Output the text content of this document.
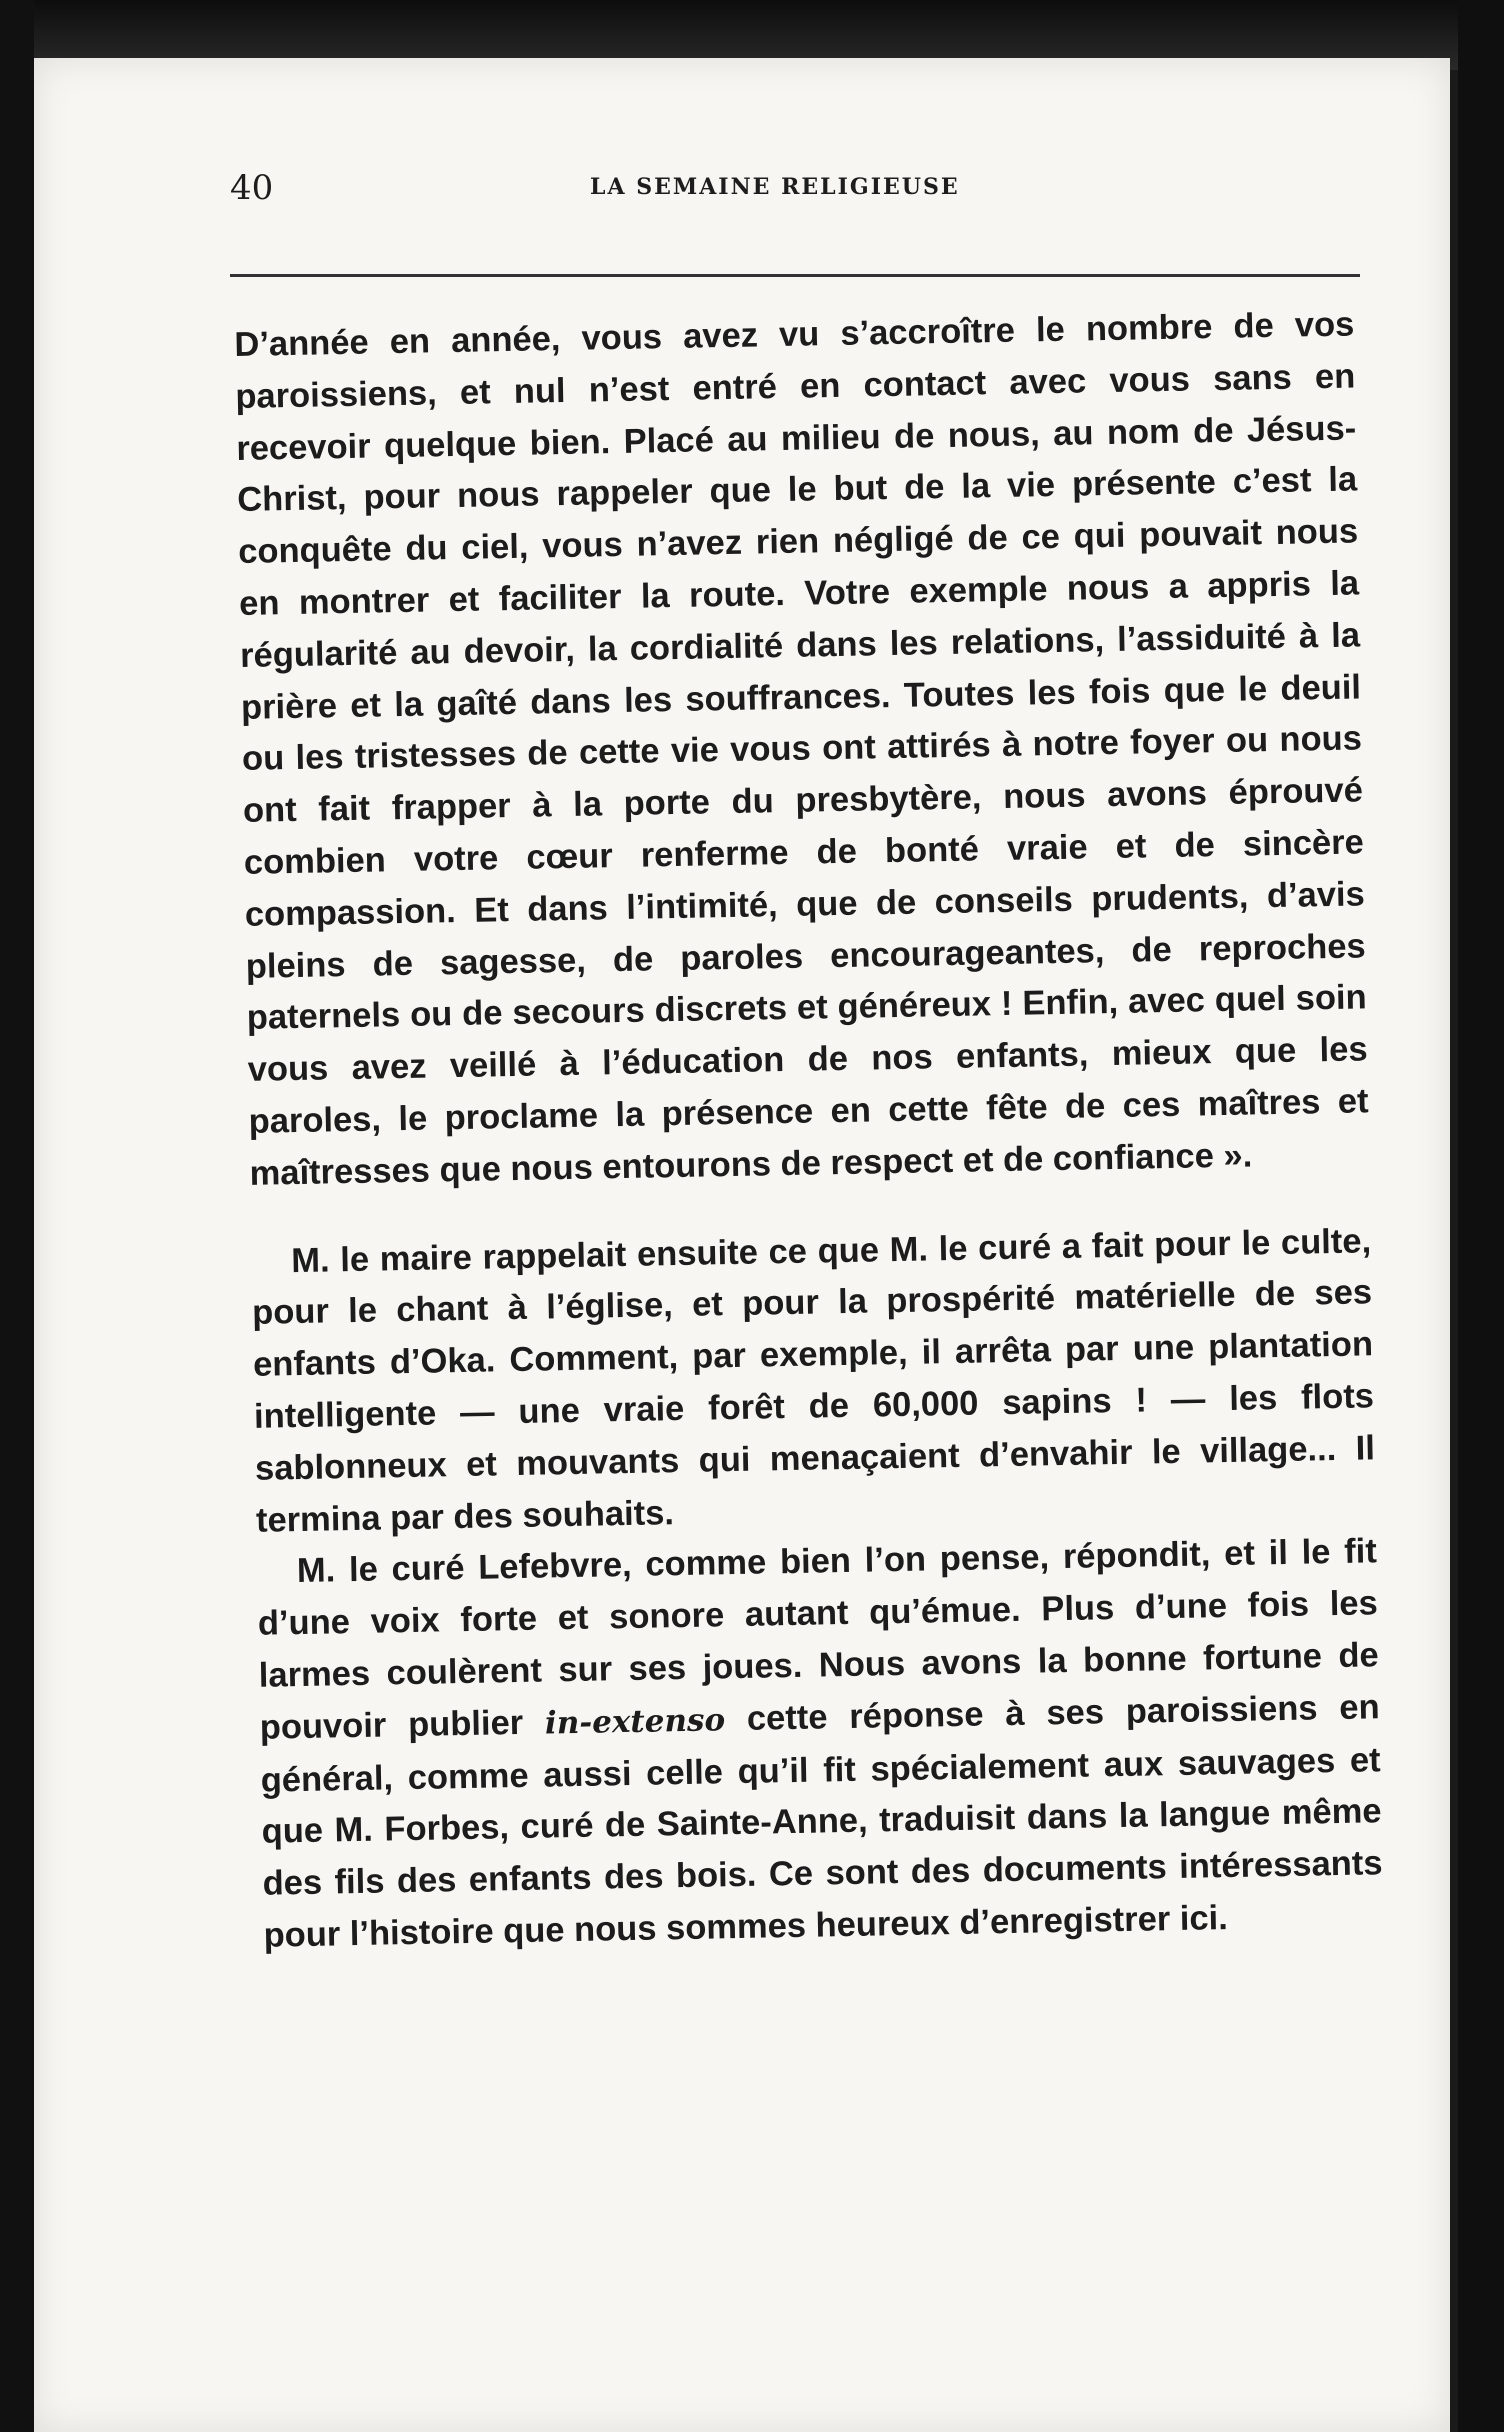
40	LA SEMAINE RELIGIEUSE

D’année en année, vous avez vu s’accroître le nombre de vos paroissiens, et nul n’est entré en contact avec vous sans en recevoir quelque bien. Placé au milieu de nous, au nom de Jésus-Christ, pour nous rappeler que le but de la vie présente c’est la conquête du ciel, vous n’avez rien négligé de ce qui pouvait nous en montrer et faciliter la route. Votre exemple nous a appris la régularité au devoir, la cordialité dans les relations, l’assiduité à la prière et la gaîté dans les souffrances. Toutes les fois que le deuil ou les tristesses de cette vie vous ont attirés à notre foyer ou nous ont fait frapper à la porte du presbytère, nous avons éprouvé combien votre cœur renferme de bonté vraie et de sincère compassion. Et dans l’intimité, que de conseils prudents, d’avis pleins de sagesse, de paroles encourageantes, de reproches paternels ou de secours discrets et généreux ! Enfin, avec quel soin vous avez veillé à l’éducation de nos enfants, mieux que les paroles, le proclame la présence en cette fête de ces maîtres et maîtresses que nous entourons de respect et de confiance ».

M. le maire rappelait ensuite ce que M. le curé a fait pour le culte, pour le chant à l’église, et pour la prospérité matérielle de ses enfants d’Oka. Comment, par exemple, il arrêta par une plantation intelligente — une vraie forêt de 60,000 sapins ! — les flots sablonneux et mouvants qui menaçaient d’envahir le village... Il termina par des souhaits.

M. le curé Lefebvre, comme bien l’on pense, répondit, et il le fit d’une voix forte et sonore autant qu’émue. Plus d’une fois les larmes coulèrent sur ses joues. Nous avons la bonne fortune de pouvoir publier in-extenso cette réponse à ses paroissiens en général, comme aussi celle qu’il fit spécialement aux sauvages et que M. Forbes, curé de Sainte-Anne, traduisit dans la langue même des fils des enfants des bois. Ce sont des documents intéressants pour l’histoire que nous sommes heureux d’enregistrer ici.
